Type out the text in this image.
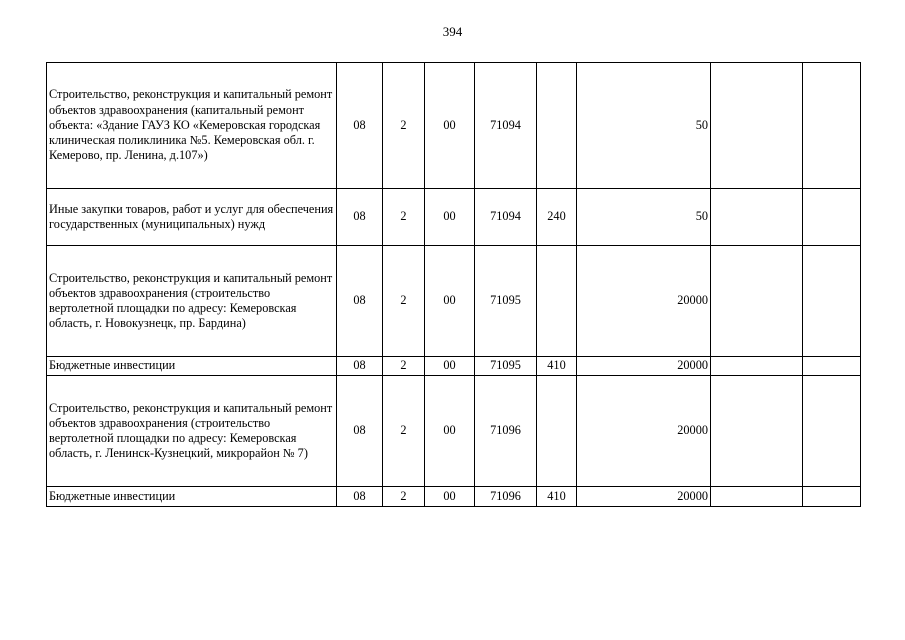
394
Строительство, реконструкция и капитальный ремонт объектов здравоохранения (капитальный ремонт объекта: «Здание ГАУЗ КО «Кемеровская городская клиническая поликлиника №5. Кемеровская обл. г. Кемерово, пр. Ленина, д.107»)	08	2	00	71094		50		
Иные закупки товаров, работ и услуг для обеспечения государственных (муниципальных) нужд	08	2	00	71094	240	50		
Строительство, реконструкция и капитальный ремонт объектов здравоохранения (строительство вертолетной площадки по адресу: Кемеровская область, г. Новокузнецк, пр. Бардина)	08	2	00	71095		20000		
Бюджетные инвестиции	08	2	00	71095	410	20000		
Строительство, реконструкция и капитальный ремонт объектов здравоохранения (строительство вертолетной площадки по адресу: Кемеровская область, г. Ленинск-Кузнецкий, микрорайон № 7)	08	2	00	71096		20000		
Бюджетные инвестиции	08	2	00	71096	410	20000		
